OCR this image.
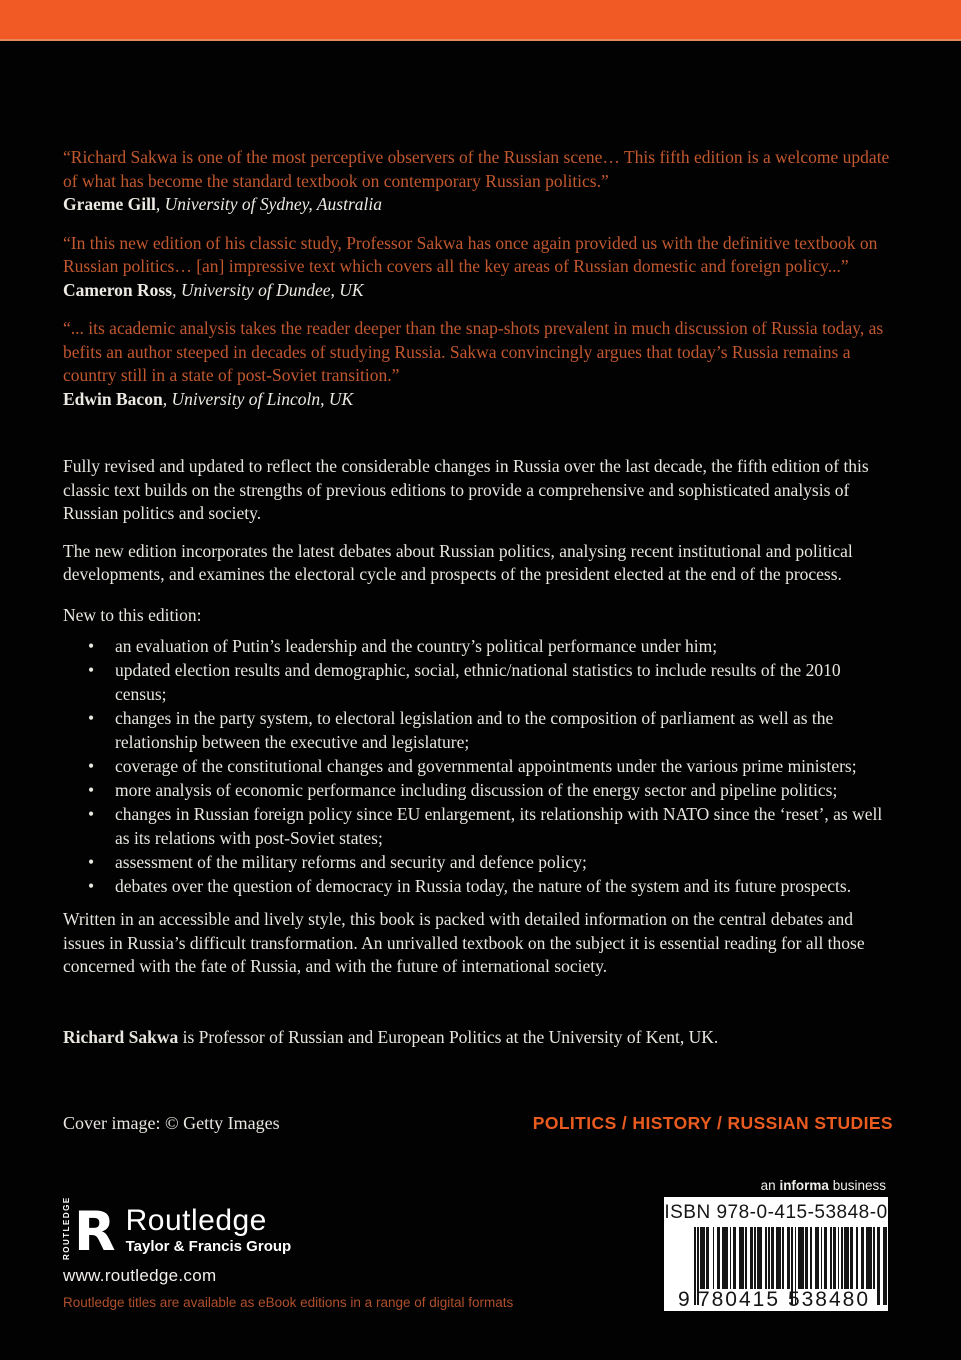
“Richard Sakwa is one of the most perceptive observers of the Russian scene… This fifth edition is a welcome update of what has become the standard textbook on contemporary Russian politics.”
Graeme Gill, University of Sydney, Australia
“In this new edition of his classic study, Professor Sakwa has once again provided us with the definitive textbook on Russian politics… [an] impressive text which covers all the key areas of Russian domestic and foreign policy...”
Cameron Ross, University of Dundee, UK
“... its academic analysis takes the reader deeper than the snap-shots prevalent in much discussion of Russia today, as befits an author steeped in decades of studying Russia. Sakwa convincingly argues that today’s Russia remains a country still in a state of post-Soviet transition.”
Edwin Bacon, University of Lincoln, UK
Fully revised and updated to reflect the considerable changes in Russia over the last decade, the fifth edition of this classic text builds on the strengths of previous editions to provide a comprehensive and sophisticated analysis of Russian politics and society.
The new edition incorporates the latest debates about Russian politics, analysing recent institutional and political developments, and examines the electoral cycle and prospects of the president elected at the end of the process.
New to this edition:
•	an evaluation of Putin’s leadership and the country’s political performance under him;
•	updated election results and demographic, social, ethnic/national statistics to include results of the 2010 census;
•	changes in the party system, to electoral legislation and to the composition of parliament as well as the relationship between the executive and legislature;
•	coverage of the constitutional changes and governmental appointments under the various prime ministers;
•	more analysis of economic performance including discussion of the energy sector and pipeline politics;
•	changes in Russian foreign policy since EU enlargement, its relationship with NATO since the ‘reset’, as well as its relations with post-Soviet states;
•	assessment of the military reforms and security and defence policy;
•	debates over the question of democracy in Russia today, the nature of the system and its future prospects.
Written in an accessible and lively style, this book is packed with detailed information on the central debates and issues in Russia’s difficult transformation. An unrivalled textbook on the subject it is essential reading for all those concerned with the fate of Russia, and with the future of international society.
Richard Sakwa is Professor of Russian and European Politics at the University of Kent, UK.
Cover image: © Getty Images	POLITICS / HISTORY / RUSSIAN STUDIES
an informa business
ISBN 978-0-415-53848-0
9 780415 538480
ROUTLEDGE R Routledge
Taylor & Francis Group
www.routledge.com
Routledge titles are available as eBook editions in a range of digital formats
